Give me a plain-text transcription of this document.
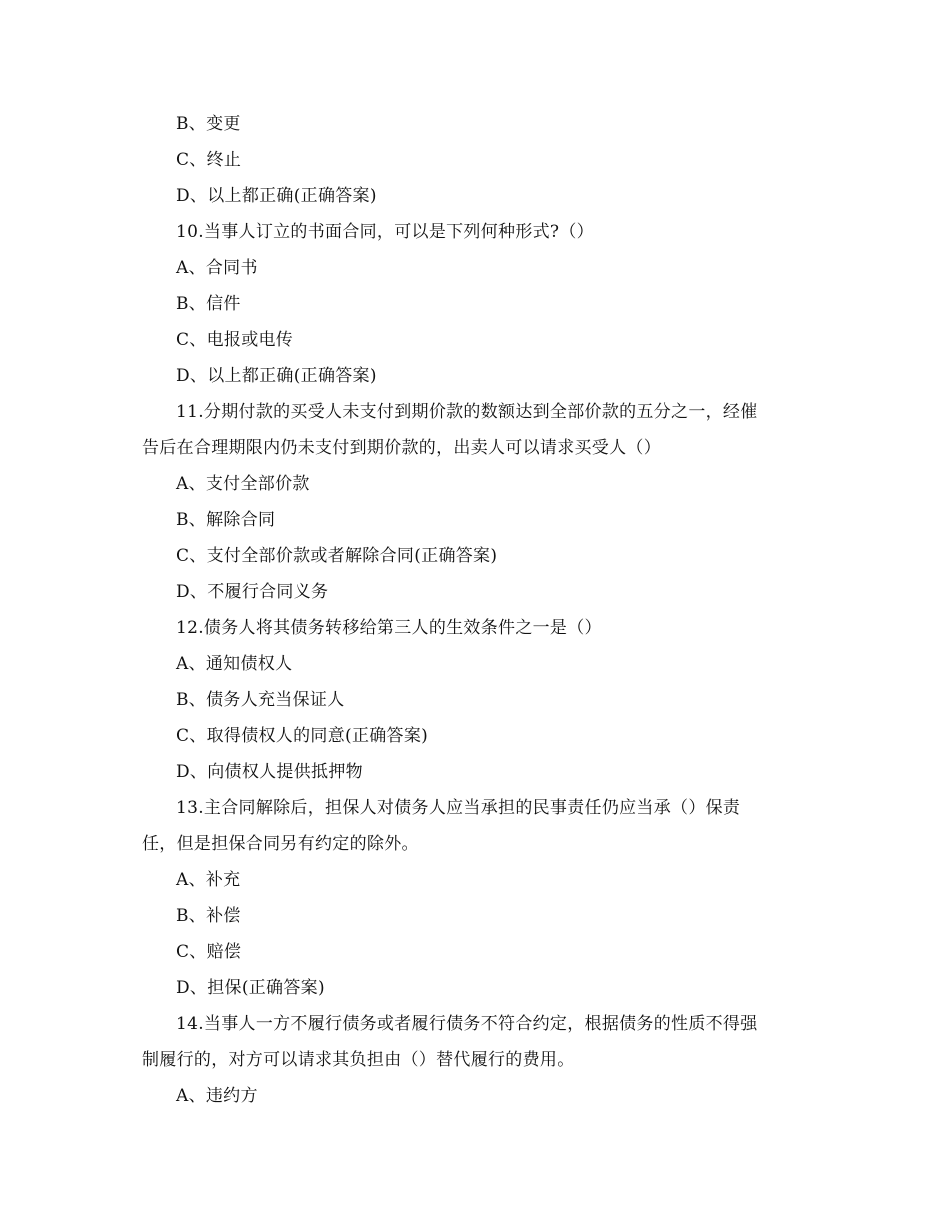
B、变更
C、终止
D、以上都正确(正确答案)
10.当事人订立的书面合同，可以是下列何种形式?（）
A、合同书
B、信件
C、电报或电传
D、以上都正确(正确答案)
11.分期付款的买受人未支付到期价款的数额达到全部价款的五分之一，经催
告后在合理期限内仍未支付到期价款的，出卖人可以请求买受人（）
A、支付全部价款
B、解除合同
C、支付全部价款或者解除合同(正确答案)
D、不履行合同义务
12.债务人将其债务转移给第三人的生效条件之一是（）
A、通知债权人
B、债务人充当保证人
C、取得债权人的同意(正确答案)
D、向债权人提供抵押物
13.主合同解除后，担保人对债务人应当承担的民事责任仍应当承（）保责
任，但是担保合同另有约定的除外。
A、补充
B、补偿
C、赔偿
D、担保(正确答案)
14.当事人一方不履行债务或者履行债务不符合约定，根据债务的性质不得强
制履行的，对方可以请求其负担由（）替代履行的费用。
A、违约方
